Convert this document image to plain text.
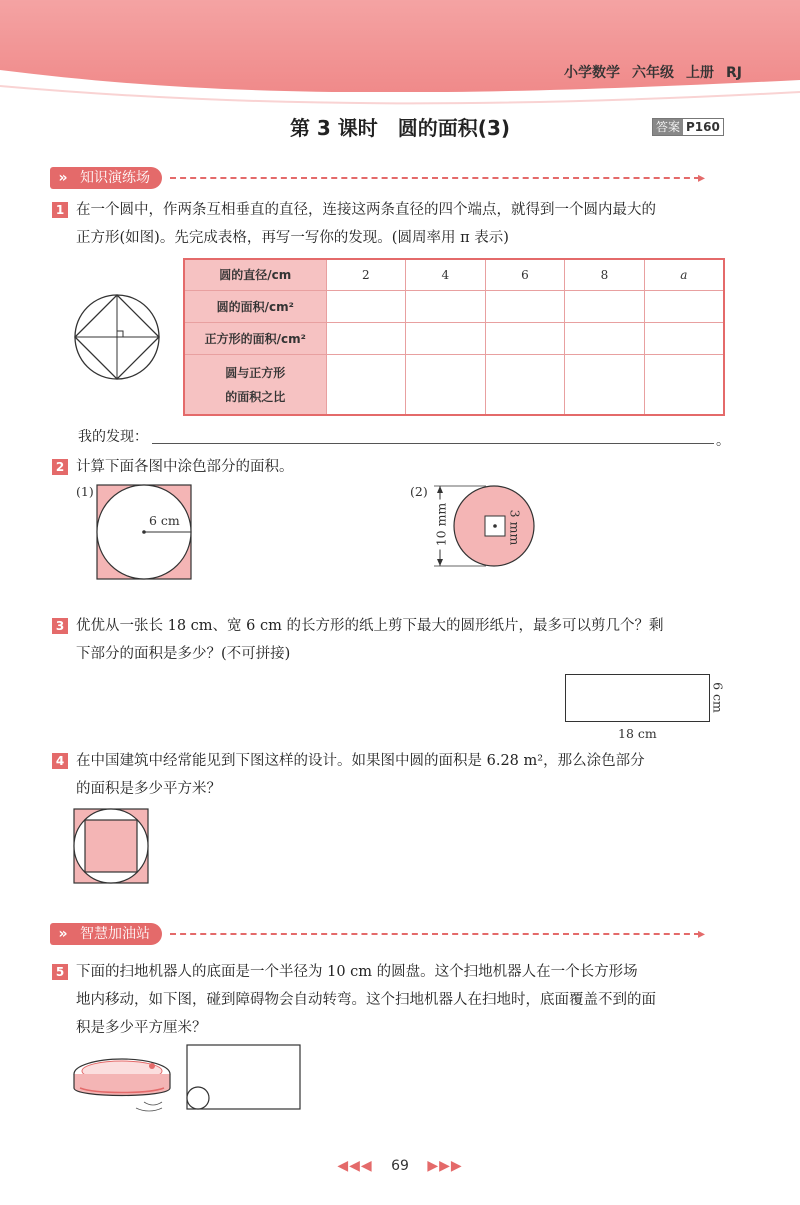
小学数学 六年级 上册 RJ
第 3 课时　圆的面积(3)	答案 P160
» 知识演练场	▸
1 在一个圆中，作两条互相垂直的直径，连接这两条直径的四个端点，就得到一个圆内最大的
正方形(如图)。先完成表格，再写一写你的发现。(圆周率用 π 表示)
圆的直径/cm	2	4	6	8	a
圆的面积/cm²					
正方形的面积/cm²					

圆与正方形
的面积之比					

我的发现：	。
2 计算下面各图中涂色部分的面积。
(1)
6 cm
(2)
10 mm	3 mm
3 优优从一张长 18 cm、宽 6 cm 的长方形的纸上剪下最大的圆形纸片，最多可以剪几个？剩
下部分的面积是多少？(不可拼接)
18 cm
6 cm
4 在中国建筑中经常能见到下图这样的设计。如果图中圆的面积是 6.28 m²，那么涂色部分
的面积是多少平方米？
» 智慧加油站	▸
5 下面的扫地机器人的底面是一个半径为 10 cm 的圆盘。这个扫地机器人在一个长方形场
地内移动，如下图，碰到障碍物会自动转弯。这个扫地机器人在扫地时，底面覆盖不到的面
积是多少平方厘米？
◀◀◀ 69 ▶▶▶
